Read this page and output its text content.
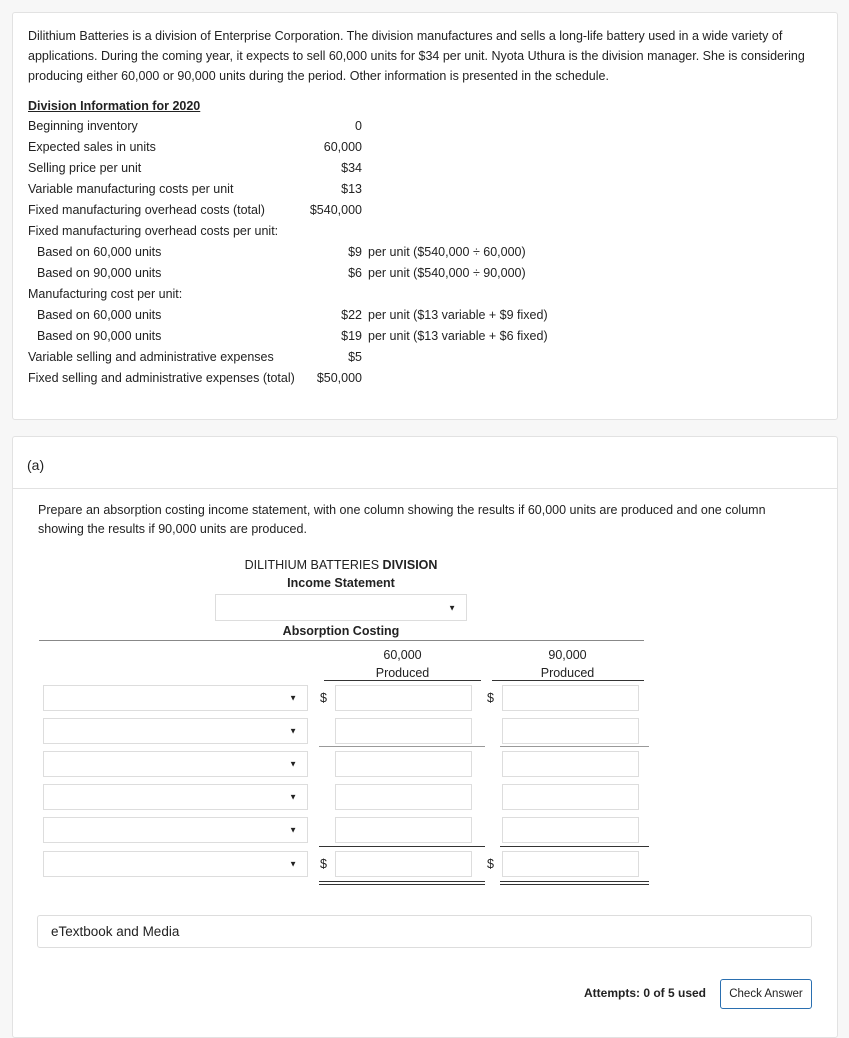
Dilithium Batteries is a division of Enterprise Corporation. The division manufactures and sells a long-life battery used in a wide variety of applications. During the coming year, it expects to sell 60,000 units for $34 per unit. Nyota Uthura is the division manager. She is considering producing either 60,000 or 90,000 units during the period. Other information is presented in the schedule.
Division Information for 2020
Beginning inventory	0
Expected sales in units	60,000
Selling price per unit	$34
Variable manufacturing costs per unit	$13
Fixed manufacturing overhead costs (total)	$540,000
Fixed manufacturing overhead costs per unit:
Based on 60,000 units	$9 per unit ($540,000 ÷ 60,000)
Based on 90,000 units	$6 per unit ($540,000 ÷ 90,000)
Manufacturing cost per unit:
Based on 60,000 units	$22 per unit ($13 variable + $9 fixed)
Based on 90,000 units	$19 per unit ($13 variable + $6 fixed)
Variable selling and administrative expenses	$5
Fixed selling and administrative expenses (total) $50,000
(a)
Prepare an absorption costing income statement, with one column showing the results if 60,000 units are produced and one column showing the results if 90,000 units are produced.
DILITHIUM BATTERIES DIVISION
Income Statement
▼
Absorption Costing
60,000
Produced
90,000
Produced
▼ $	$
▼
▼
▼
▼
▼ $	$
eTextbook and Media
Attempts: 0 of 5 used	Check Answer
